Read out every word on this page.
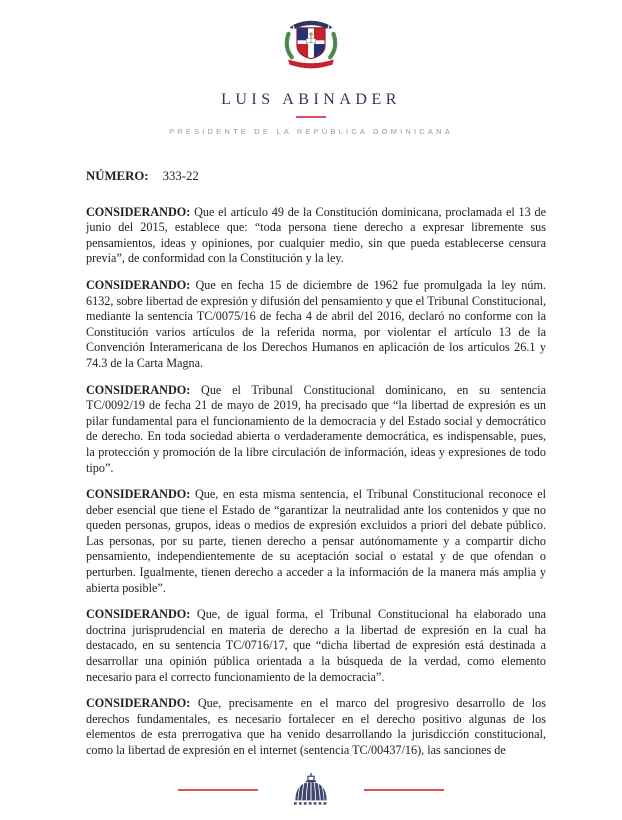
LUIS ABINADER
PRESIDENTE DE LA REPÚBLICA DOMINICANA

NÚMERO: 333-22

CONSIDERANDO: Que el artículo 49 de la Constitución dominicana, proclamada el 13 de junio del 2015, establece que: “toda persona tiene derecho a expresar libremente sus pensamientos, ideas y opiniones, por cualquier medio, sin que pueda establecerse censura previa”, de conformidad con la Constitución y la ley.

CONSIDERANDO: Que en fecha 15 de diciembre de 1962 fue promulgada la ley núm. 6132, sobre libertad de expresión y difusión del pensamiento y que el Tribunal Constitucional, mediante la sentencia TC/0075/16 de fecha 4 de abril del 2016, declaró no conforme con la Constitución varios artículos de la referida norma, por violentar el artículo 13 de la Convención Interamericana de los Derechos Humanos en aplicación de los artículos 26.1 y 74.3 de la Carta Magna.

CONSIDERANDO: Que el Tribunal Constitucional dominicano, en su sentencia TC/0092/19 de fecha 21 de mayo de 2019, ha precisado que “la libertad de expresión es un pilar fundamental para el funcionamiento de la democracia y del Estado social y democrático de derecho. En toda sociedad abierta o verdaderamente democrática, es indispensable, pues, la protección y promoción de la libre circulación de información, ideas y expresiones de todo tipo”.

CONSIDERANDO: Que, en esta misma sentencia, el Tribunal Constitucional reconoce el deber esencial que tiene el Estado de “garantizar la neutralidad ante los contenidos y que no queden personas, grupos, ideas o medios de expresión excluidos a priori del debate público. Las personas, por su parte, tienen derecho a pensar autónomamente y a compartir dicho pensamiento, independientemente de su aceptación social o estatal y de que ofendan o perturben. Igualmente, tienen derecho a acceder a la información de la manera más amplia y abierta posible”.

CONSIDERANDO: Que, de igual forma, el Tribunal Constitucional ha elaborado una doctrina jurisprudencial en materia de derecho a la libertad de expresión en la cual ha destacado, en su sentencia TC/0716/17, que “dicha libertad de expresión está destinada a desarrollar una opinión pública orientada a la búsqueda de la verdad, como elemento necesario para el correcto funcionamiento de la democracia”.

CONSIDERANDO: Que, precisamente en el marco del progresivo desarrollo de los derechos fundamentales, es necesario fortalecer en el derecho positivo algunas de los elementos de esta prerrogativa que ha venido desarrollando la jurisdicción constitucional, como la libertad de expresión en el internet (sentencia TC/00437/16), las sanciones de
